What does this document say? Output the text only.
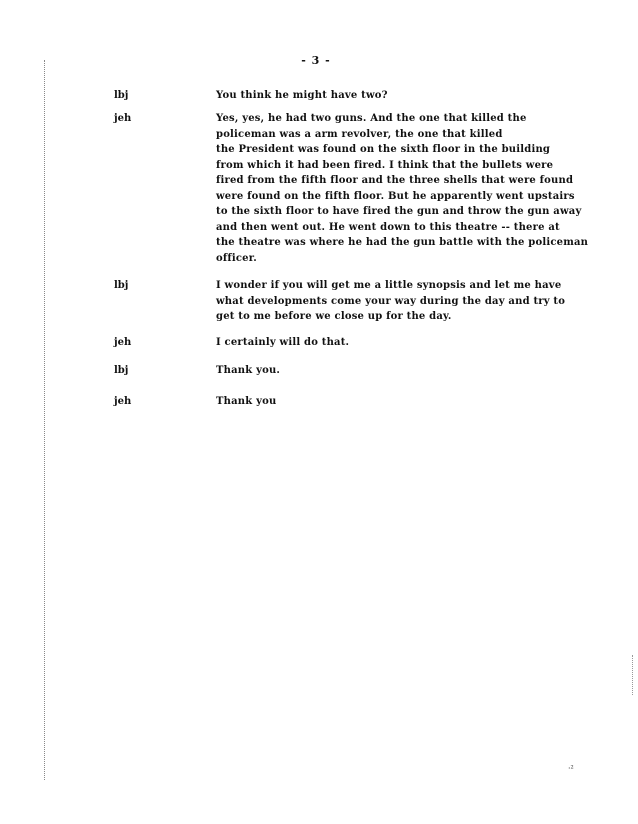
- 3 -
lbj	You think he might have two?
jeh	Yes, yes, he had two guns. And the one that killed the
policeman was a arm revolver, the one that killed
the President was found on the sixth floor in the building
from which it had been fired. I think that the bullets were
fired from the fifth floor and the three shells that were found
were found on the fifth floor. But he apparently went upstairs
to the sixth floor to have fired the gun and throw the gun away
and then went out. He went down to this theatre -- there at
the theatre was where he had the gun battle with the policeman
officer.
lbj	I wonder if you will get me a little synopsis and let me have
what developments come your way during the day and try to
get to me before we close up for the day.
jeh	I certainly will do that.
lbj	Thank you.
jeh	Thank you
·²
